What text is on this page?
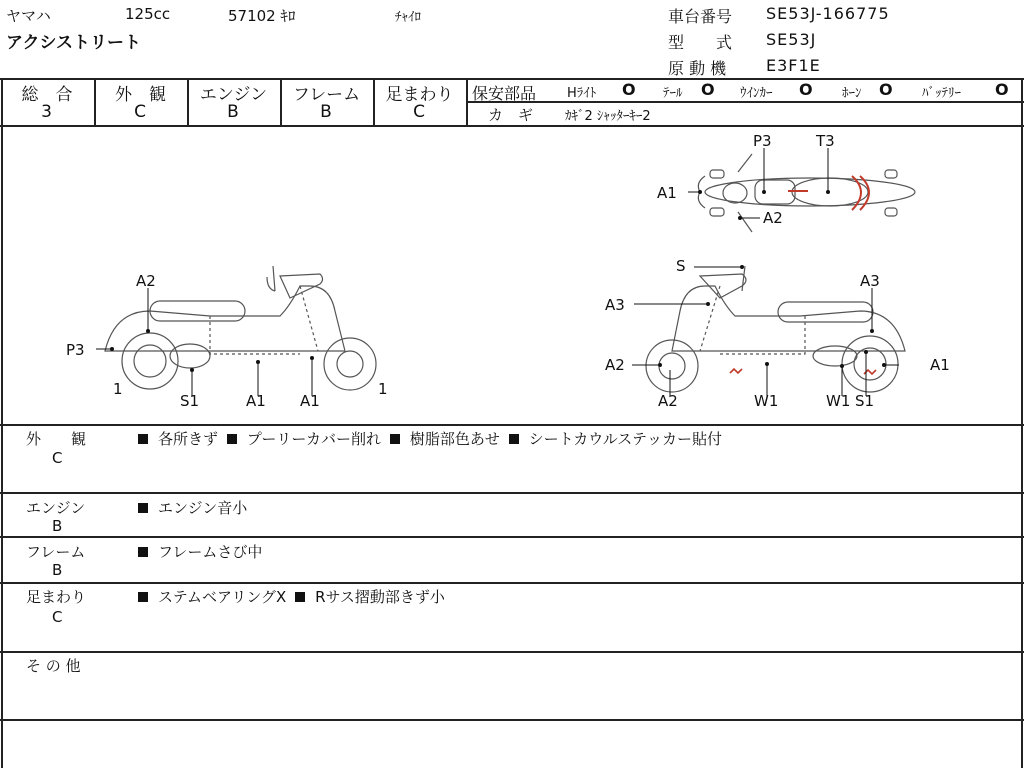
ヤマハ	125cc	57102 ｷﾛ	ﾁｬｲﾛ
アクシストリート
車台番号 SE53J-166775
型　　式 SE53J
原 動 機 E3F1E
総　合
3
外　観
C
エンジン
B
フレーム
B
足まわり
C
保安部品 Hﾗｲﾄ O ﾃｰﾙ O ｳｲﾝｶｰ O ﾎｰﾝ O ﾊﾞｯﾃﾘｰ O
カ　ギ ｶｷﾞ2 ｼｬｯﾀｰｷｰ2
P3	T3
A1
A2
A2
P3
1
S1	A1 A1
1
S
A3
A3
A2	A1
A2	W1	W1 S1
外　　観
C
各所きず プーリーカバー削れ 樹脂部色あせ シートカウルステッカー貼付
エンジン
B
エンジン音小
フレーム
B
フレームさび中
足まわり
C
ステムベアリングX Rサス摺動部きず小
そ の 他
